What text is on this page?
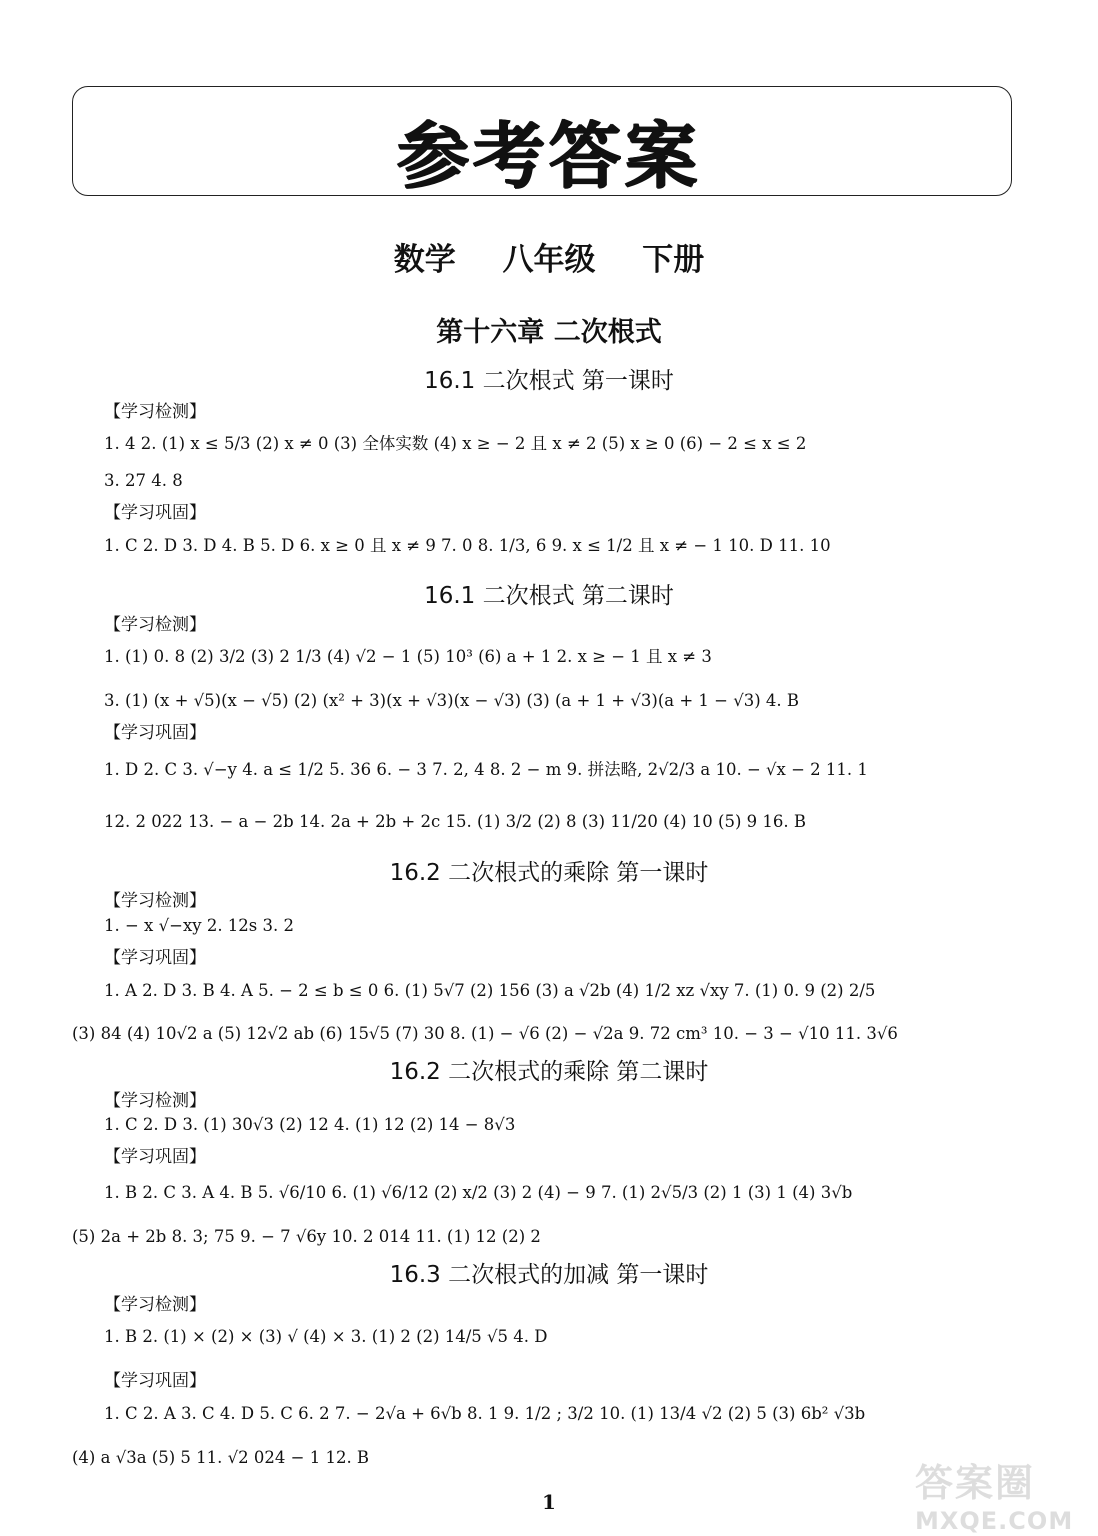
参考答案
数学 八年级 下册
第十六章 二次根式
16.1 二次根式 第一课时
【学习检测】
1. 4 2. (1) x ≤ 5/3 (2) x ≠ 0 (3) 全体实数 (4) x ≥ − 2 且 x ≠ 2 (5) x ≥ 0 (6) − 2 ≤ x ≤ 2
3. 27 4. 8
【学习巩固】
1. C 2. D 3. D 4. B 5. D 6. x ≥ 0 且 x ≠ 9 7. 0 8. 1/3, 6 9. x ≤ 1/2 且 x ≠ − 1 10. D 11. 10
16.1 二次根式 第二课时
【学习检测】
1. (1) 0. 8 (2) 3/2 (3) 2 1/3 (4) √2 − 1 (5) 10³ (6) a + 1 2. x ≥ − 1 且 x ≠ 3
3. (1) (x + √5)(x − √5) (2) (x² + 3)(x + √3)(x − √3) (3) (a + 1 + √3)(a + 1 − √3) 4. B
【学习巩固】
1. D 2. C 3. √−y 4. a ≤ 1/2 5. 36 6. − 3 7. 2, 4 8. 2 − m 9. 拼法略, 2√2/3 a 10. − √x − 2 11. 1
12. 2 022 13. − a − 2b 14. 2a + 2b + 2c 15. (1) 3/2 (2) 8 (3) 11/20 (4) 10 (5) 9 16. B
16.2 二次根式的乘除 第一课时
【学习检测】
1. − x √−xy 2. 12s 3. 2
【学习巩固】
1. A 2. D 3. B 4. A 5. − 2 ≤ b ≤ 0 6. (1) 5√7 (2) 156 (3) a √2b (4) 1/2 xz √xy 7. (1) 0. 9 (2) 2/5
(3) 84 (4) 10√2 a (5) 12√2 ab (6) 15√5 (7) 30 8. (1) − √6 (2) − √2a 9. 72 cm³ 10. − 3 − √10 11. 3√6
16.2 二次根式的乘除 第二课时
【学习检测】
1. C 2. D 3. (1) 30√3 (2) 12 4. (1) 12 (2) 14 − 8√3
【学习巩固】
1. B 2. C 3. A 4. B 5. √6/10 6. (1) √6/12 (2) x/2 (3) 2 (4) − 9 7. (1) 2√5/3 (2) 1 (3) 1 (4) 3√b
(5) 2a + 2b 8. 3; 75 9. − 7 √6y 10. 2 014 11. (1) 12 (2) 2
16.3 二次根式的加减 第一课时
【学习检测】
1. B 2. (1) × (2) × (3) √ (4) × 3. (1) 2 (2) 14/5 √5 4. D
【学习巩固】
1. C 2. A 3. C 4. D 5. C 6. 2 7. − 2√a + 6√b 8. 1 9. 1/2 ; 3/2 10. (1) 13/4 √2 (2) 5 (3) 6b² √3b
(4) a √3a (5) 5 11. √2 024 − 1 12. B
1	答案圈
MXQE.COM
